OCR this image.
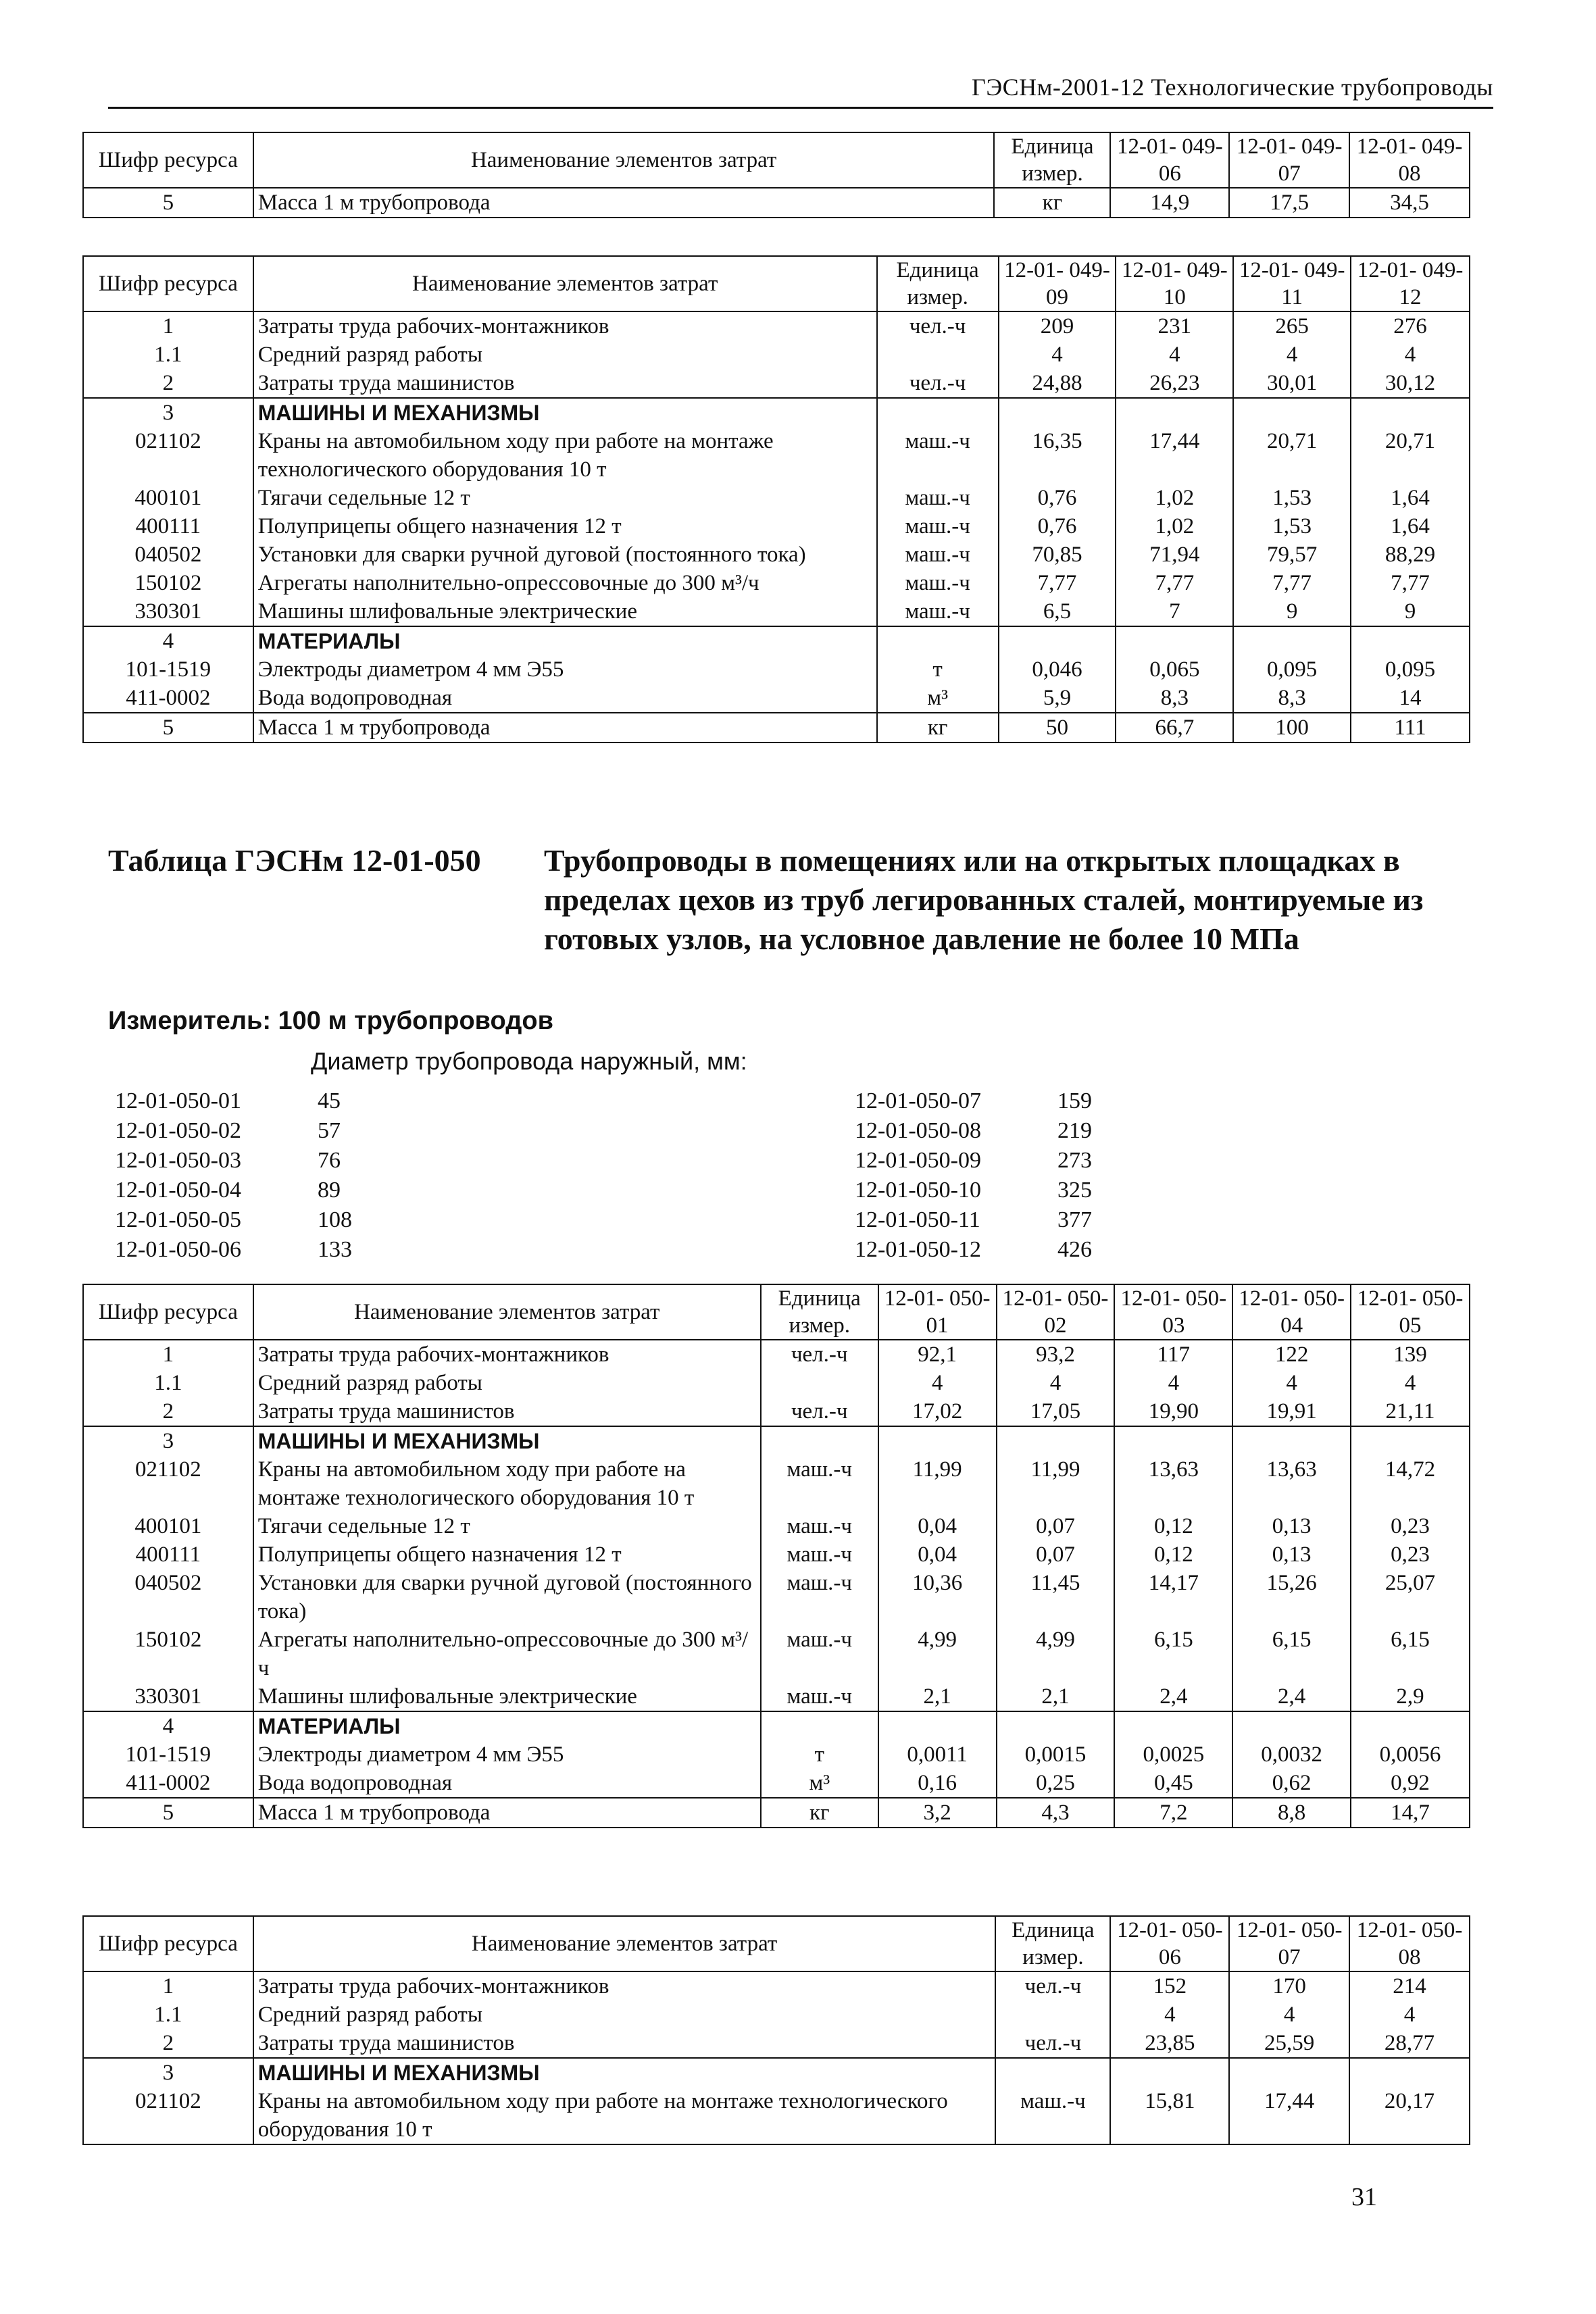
ГЭСНм-2001-12 Технологические трубопроводы
Шифр ресурса	Наименование элементов затрат	Единица измер.	12-01- 049-06	12-01- 049-07	12-01- 049-08
5	Масса 1 м трубопровода	кг	14,9	17,5	34,5
Шифр ресурса	Наименование элементов затрат	Единица измер.	12-01- 049-09	12-01- 049-10	12-01- 049-11	12-01- 049-12
1	Затраты труда рабочих-монтажников	чел.-ч	209	231	265	276
1.1	Средний разряд работы		4	4	4	4
2	Затраты труда машинистов	чел.-ч	24,88	26,23	30,01	30,12
3	МАШИНЫ И МЕХАНИЗМЫ					
021102	Краны на автомобильном ходу при работе на монтаже технологического оборудования 10 т	маш.-ч	16,35	17,44	20,71	20,71
400101	Тягачи седельные 12 т	маш.-ч	0,76	1,02	1,53	1,64
400111	Полуприцепы общего назначения 12 т	маш.-ч	0,76	1,02	1,53	1,64
040502	Установки для сварки ручной дуговой (постоянного тока)	маш.-ч	70,85	71,94	79,57	88,29
150102	Агрегаты наполнительно-опрессовочные до 300 м³/ч	маш.-ч	7,77	7,77	7,77	7,77
330301	Машины шлифовальные электрические	маш.-ч	6,5	7	9	9
4	МАТЕРИАЛЫ					
101-1519	Электроды диаметром 4 мм Э55	т	0,046	0,065	0,095	0,095
411-0002	Вода водопроводная	м³	5,9	8,3	8,3	14
5	Масса 1 м трубопровода	кг	50	66,7	100	111
Таблица ГЭСНм 12-01-050	Трубопроводы в помещениях или на открытых площадках в пределах цехов из труб легированных сталей, монтируемые из готовых узлов, на условное давление не более 10 МПа
Измеритель: 100 м трубопроводов
Диаметр трубопровода наружный, мм:
12-01-050-01	45
12-01-050-02	57
12-01-050-03	76
12-01-050-04	89
12-01-050-05	108
12-01-050-06	133
12-01-050-07	159
12-01-050-08	219
12-01-050-09	273
12-01-050-10	325
12-01-050-11	377
12-01-050-12	426
Шифр ресурса	Наименование элементов затрат	Единица измер.	12-01- 050-01	12-01- 050-02	12-01- 050-03	12-01- 050-04	12-01- 050-05
1	Затраты труда рабочих-монтажников	чел.-ч	92,1	93,2	117	122	139
1.1	Средний разряд работы		4	4	4	4	4
2	Затраты труда машинистов	чел.-ч	17,02	17,05	19,90	19,91	21,11
3	МАШИНЫ И МЕХАНИЗМЫ						
021102	Краны на автомобильном ходу при работе на монтаже технологического оборудования 10 т	маш.-ч	11,99	11,99	13,63	13,63	14,72
400101	Тягачи седельные 12 т	маш.-ч	0,04	0,07	0,12	0,13	0,23
400111	Полуприцепы общего назначения 12 т	маш.-ч	0,04	0,07	0,12	0,13	0,23
040502	Установки для сварки ручной дуговой (постоянного тока)	маш.-ч	10,36	11,45	14,17	15,26	25,07
150102	Агрегаты наполнительно-опрессовочные до 300 м³/ч	маш.-ч	4,99	4,99	6,15	6,15	6,15
330301	Машины шлифовальные электрические	маш.-ч	2,1	2,1	2,4	2,4	2,9
4	МАТЕРИАЛЫ						
101-1519	Электроды диаметром 4 мм Э55	т	0,0011	0,0015	0,0025	0,0032	0,0056
411-0002	Вода водопроводная	м³	0,16	0,25	0,45	0,62	0,92
5	Масса 1 м трубопровода	кг	3,2	4,3	7,2	8,8	14,7
Шифр ресурса	Наименование элементов затрат	Единица измер.	12-01- 050-06	12-01- 050-07	12-01- 050-08
1	Затраты труда рабочих-монтажников	чел.-ч	152	170	214
1.1	Средний разряд работы		4	4	4
2	Затраты труда машинистов	чел.-ч	23,85	25,59	28,77
3	МАШИНЫ И МЕХАНИЗМЫ				
021102	Краны на автомобильном ходу при работе на монтаже технологического оборудования 10 т	маш.-ч	15,81	17,44	20,17
31
